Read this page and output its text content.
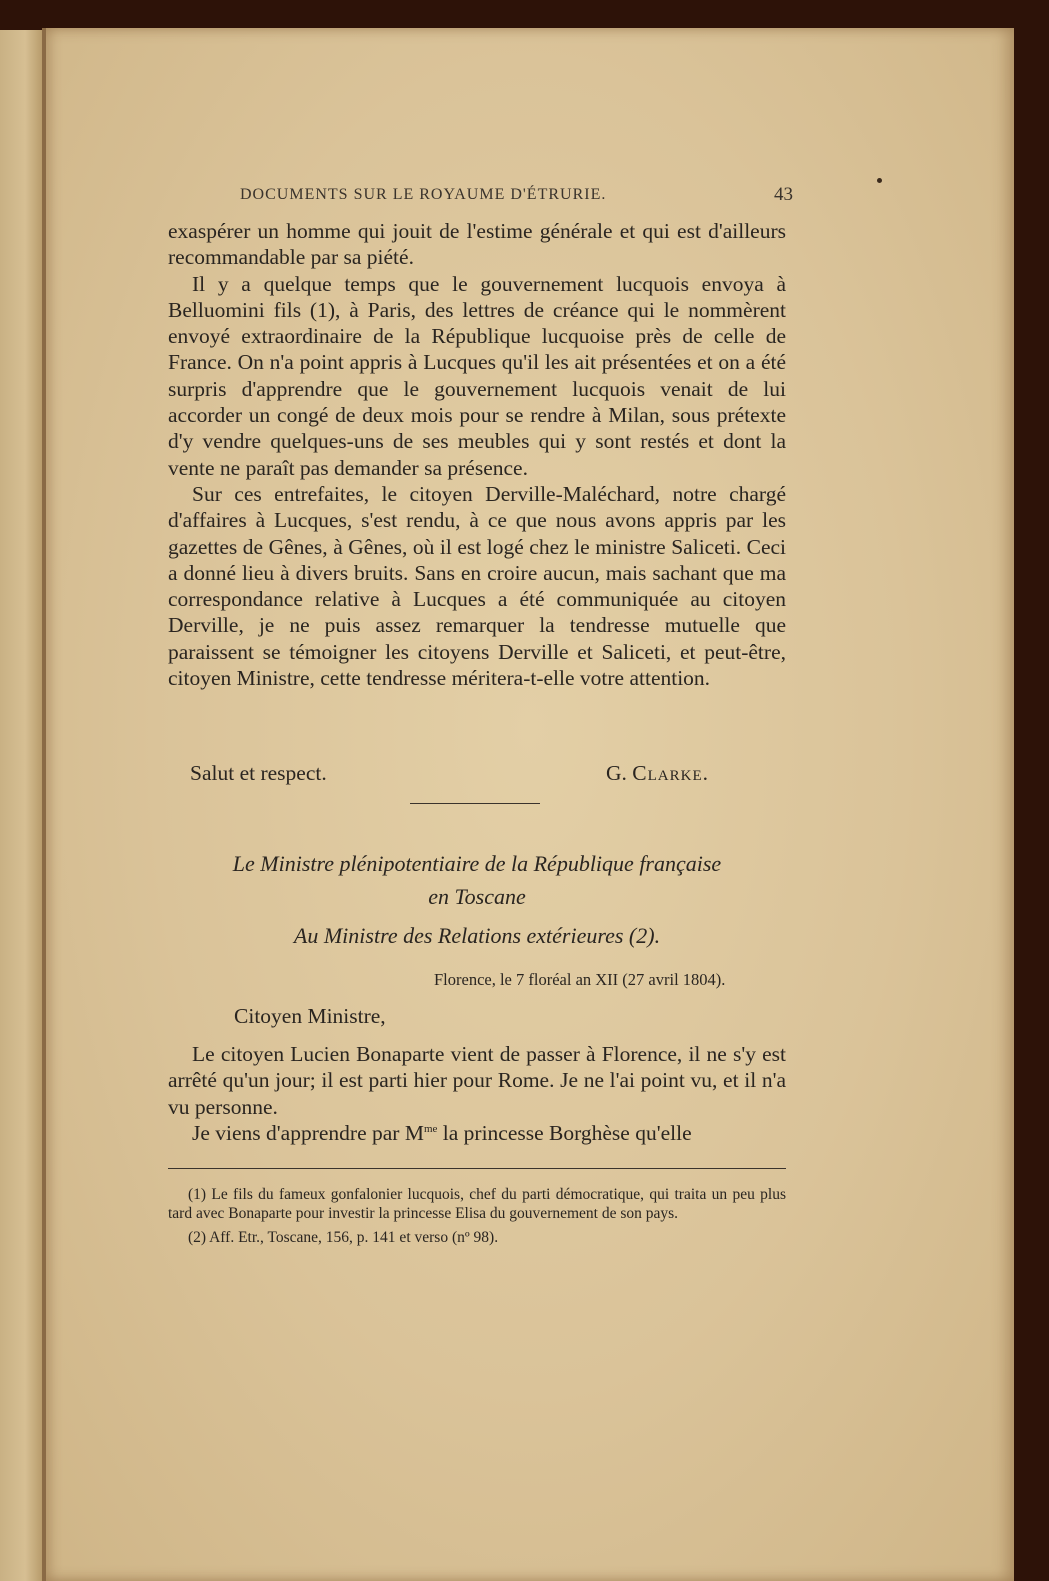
DOCUMENTS SUR LE ROYAUME D'ÉTRURIE.	43

exaspérer un homme qui jouit de l'estime générale et qui est d'ailleurs recommandable par sa piété.

Il y a quelque temps que le gouvernement lucquois envoya à Belluomini fils (1), à Paris, des lettres de créance qui le nommèrent envoyé extraordinaire de la République lucquoise près de celle de France. On n'a point appris à Lucques qu'il les ait présentées et on a été surpris d'apprendre que le gouvernement lucquois venait de lui accorder un congé de deux mois pour se rendre à Milan, sous prétexte d'y vendre quelques-uns de ses meubles qui y sont restés et dont la vente ne paraît pas demander sa présence.

Sur ces entrefaites, le citoyen Derville-Maléchard, notre chargé d'affaires à Lucques, s'est rendu, à ce que nous avons appris par les gazettes de Gênes, à Gênes, où il est logé chez le ministre Saliceti. Ceci a donné lieu à divers bruits. Sans en croire aucun, mais sachant que ma correspondance relative à Lucques a été communiquée au citoyen Derville, je ne puis assez remarquer la tendresse mutuelle que paraissent se témoigner les citoyens Derville et Saliceti, et peut-être, citoyen Ministre, cette tendresse méritera-t-elle votre attention.

Salut et respect.	G. Clarke.
Le Ministre plénipotentiaire de la République française
en Toscane
Au Ministre des Relations extérieures (2).
Florence, le 7 floréal an XII (27 avril 1804).
Citoyen Ministre,

Le citoyen Lucien Bonaparte vient de passer à Florence, il ne s'y est arrêté qu'un jour; il est parti hier pour Rome. Je ne l'ai point vu, et il n'a vu personne.

Je viens d'apprendre par $M^{me}$ la princesse Borghèse qu'elle

(1) Le fils du fameux gonfalonier lucquois, chef du parti démocratique, qui traita un peu plus tard avec Bonaparte pour investir la princesse Elisa du gouvernement de son pays.

(2) Aff. Etr., Toscane, 156, p. 141 et verso (nº 98).
